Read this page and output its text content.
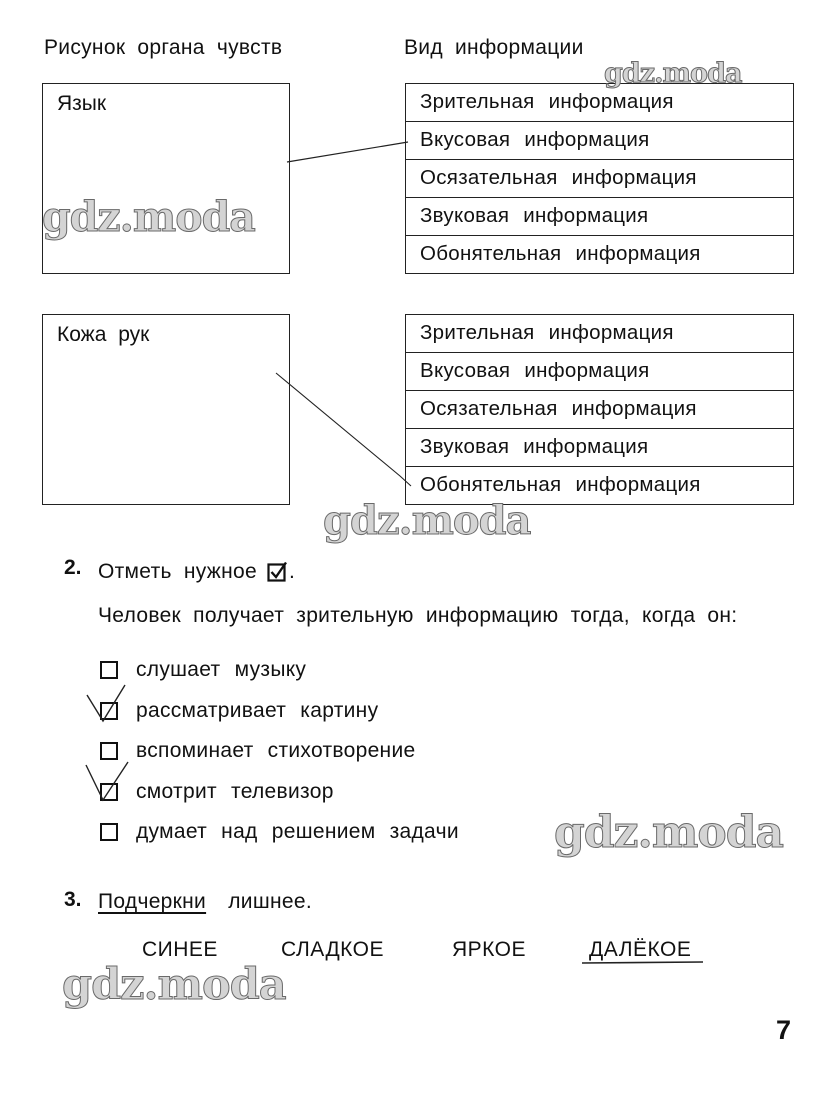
Рисунок органа чувств	Вид информации
Язык	Зрительная информация
Вкусовая информация
Осязательная информация
Звуковая информация
Обонятельная информация
Кожа рук	Зрительная информация
Вкусовая информация
Осязательная информация
Звуковая информация
Обонятельная информация
2. Отметь нужное .
Человек получает зрительную информацию тогда, когда он:
слушает музыку
рассматривает картину
вспоминает стихотворение
смотрит телевизор
думает над решением задачи
3. Подчеркни лишнее.
СИНЕЕ	СЛАДКОЕ	ЯРКОЕ	ДАЛЁКОЕ
7
gdz.moda
gdz.moda
gdz.moda
gdz.moda
gdz.moda
